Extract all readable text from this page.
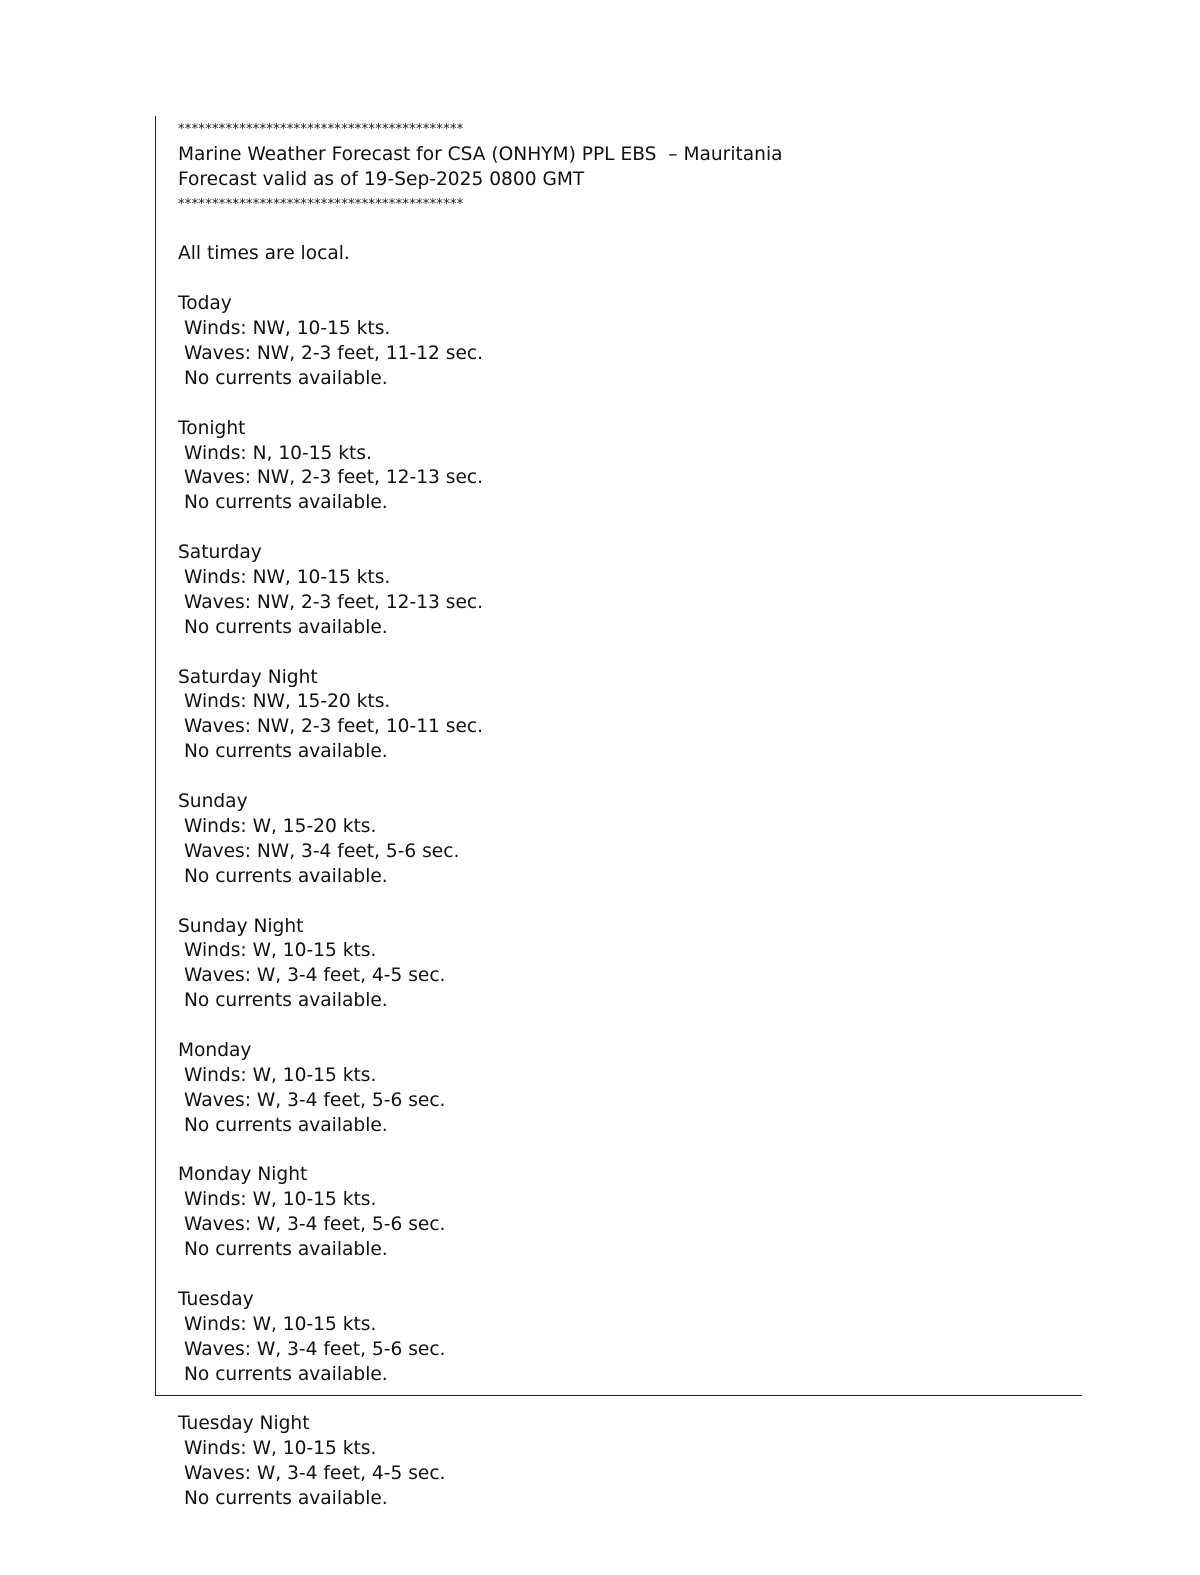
******************************************
Marine Weather Forecast for CSA (ONHYM) PPL EBS  – Mauritania
Forecast valid as of 19-Sep-2025 0800 GMT
******************************************
All times are local.
Today
Winds: NW, 10-15 kts.
Waves: NW, 2-3 feet, 11-12 sec.
No currents available.
Tonight
Winds: N, 10-15 kts.
Waves: NW, 2-3 feet, 12-13 sec.
No currents available.
Saturday
Winds: NW, 10-15 kts.
Waves: NW, 2-3 feet, 12-13 sec.
No currents available.
Saturday Night
Winds: NW, 15-20 kts.
Waves: NW, 2-3 feet, 10-11 sec.
No currents available.
Sunday
Winds: W, 15-20 kts.
Waves: NW, 3-4 feet, 5-6 sec.
No currents available.
Sunday Night
Winds: W, 10-15 kts.
Waves: W, 3-4 feet, 4-5 sec.
No currents available.
Monday
Winds: W, 10-15 kts.
Waves: W, 3-4 feet, 5-6 sec.
No currents available.
Monday Night
Winds: W, 10-15 kts.
Waves: W, 3-4 feet, 5-6 sec.
No currents available.
Tuesday
Winds: W, 10-15 kts.
Waves: W, 3-4 feet, 5-6 sec.
No currents available.
Tuesday Night
Winds: W, 10-15 kts.
Waves: W, 3-4 feet, 4-5 sec.
No currents available.
